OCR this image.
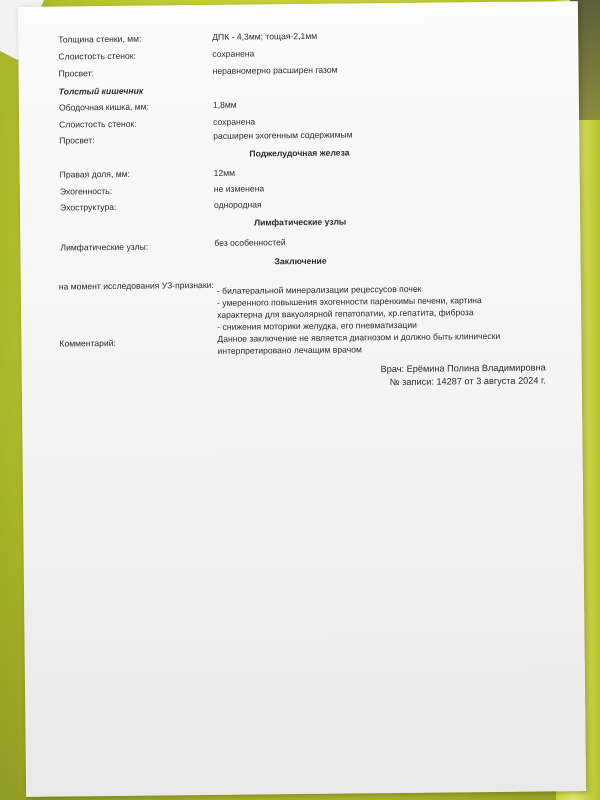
Толщина стенки, мм:	ДПК - 4,3мм; тощая-2,1мм
Слоистость стенок:	сохранена
Просвет:	неравномерно расширен газом
Толстый кишечник
Ободочная кишка, мм:	1,8мм
Слоистость стенок:	сохранена
Просвет:	расширен эхогенным содержимым
Поджелудочная железа
Правая доля, мм:	12мм
Эхогенность:	не изменена
Эхоструктура:	однородная
Лимфатические узлы
Лимфатические узлы:	без особенностей
Заключение
на момент исследования УЗ-признаки: - билатеральной минерализации рецессусов почек
- умеренного повышения эхогенности паренхимы печени, картина
характерна для вакуолярной гепатопатии, хр.гепатита, фиброза
- снижения моторики желудка, его пневматизации
Комментарий:	Данное заключение не является диагнозом и должно быть клинически
интерпретировано лечащим врачом
Врач: Ерёмина Полина Владимировна
№ записи: 14287 от 3 августа 2024 г.
